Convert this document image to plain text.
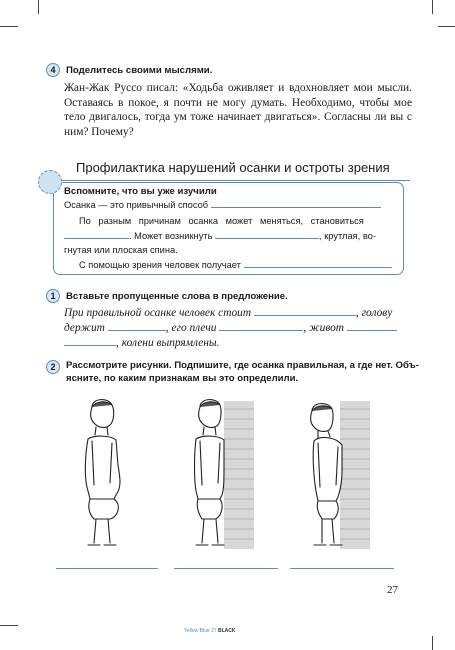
4	Поделитесь своими мыслями.
Жан-Жак Руссо писал: «Ходьба оживляет и вдохновляет мои мысли. Оставаясь в покое, я почти не могу думать. Необходимо, чтобы мое тело двигалось, тогда ум тоже начинает двигаться». Согласны ли вы с ним? Почему?
Профилактика нарушений осанки и остроты зрения
Вспомните, что вы уже изучили
Осанка — это привычный способ
По разным причинам осанка может меняться, становиться
. Может возникнуть	, крутлая, во-
гнутая или плоская спина.
С помощью зрения человек получает
1	Вставьте пропущенные слова в предложение.
При правильной осанке человек стоит	, голову
держит	, его плечи	, живот
, колени выпрямлены.
2	Рассмотрите рисунки. Подпишите, где осанка правильная, а где нет. Объ-
ясните, по каким признакам вы это определили.
27
Yellow Blue 27 BLACK
